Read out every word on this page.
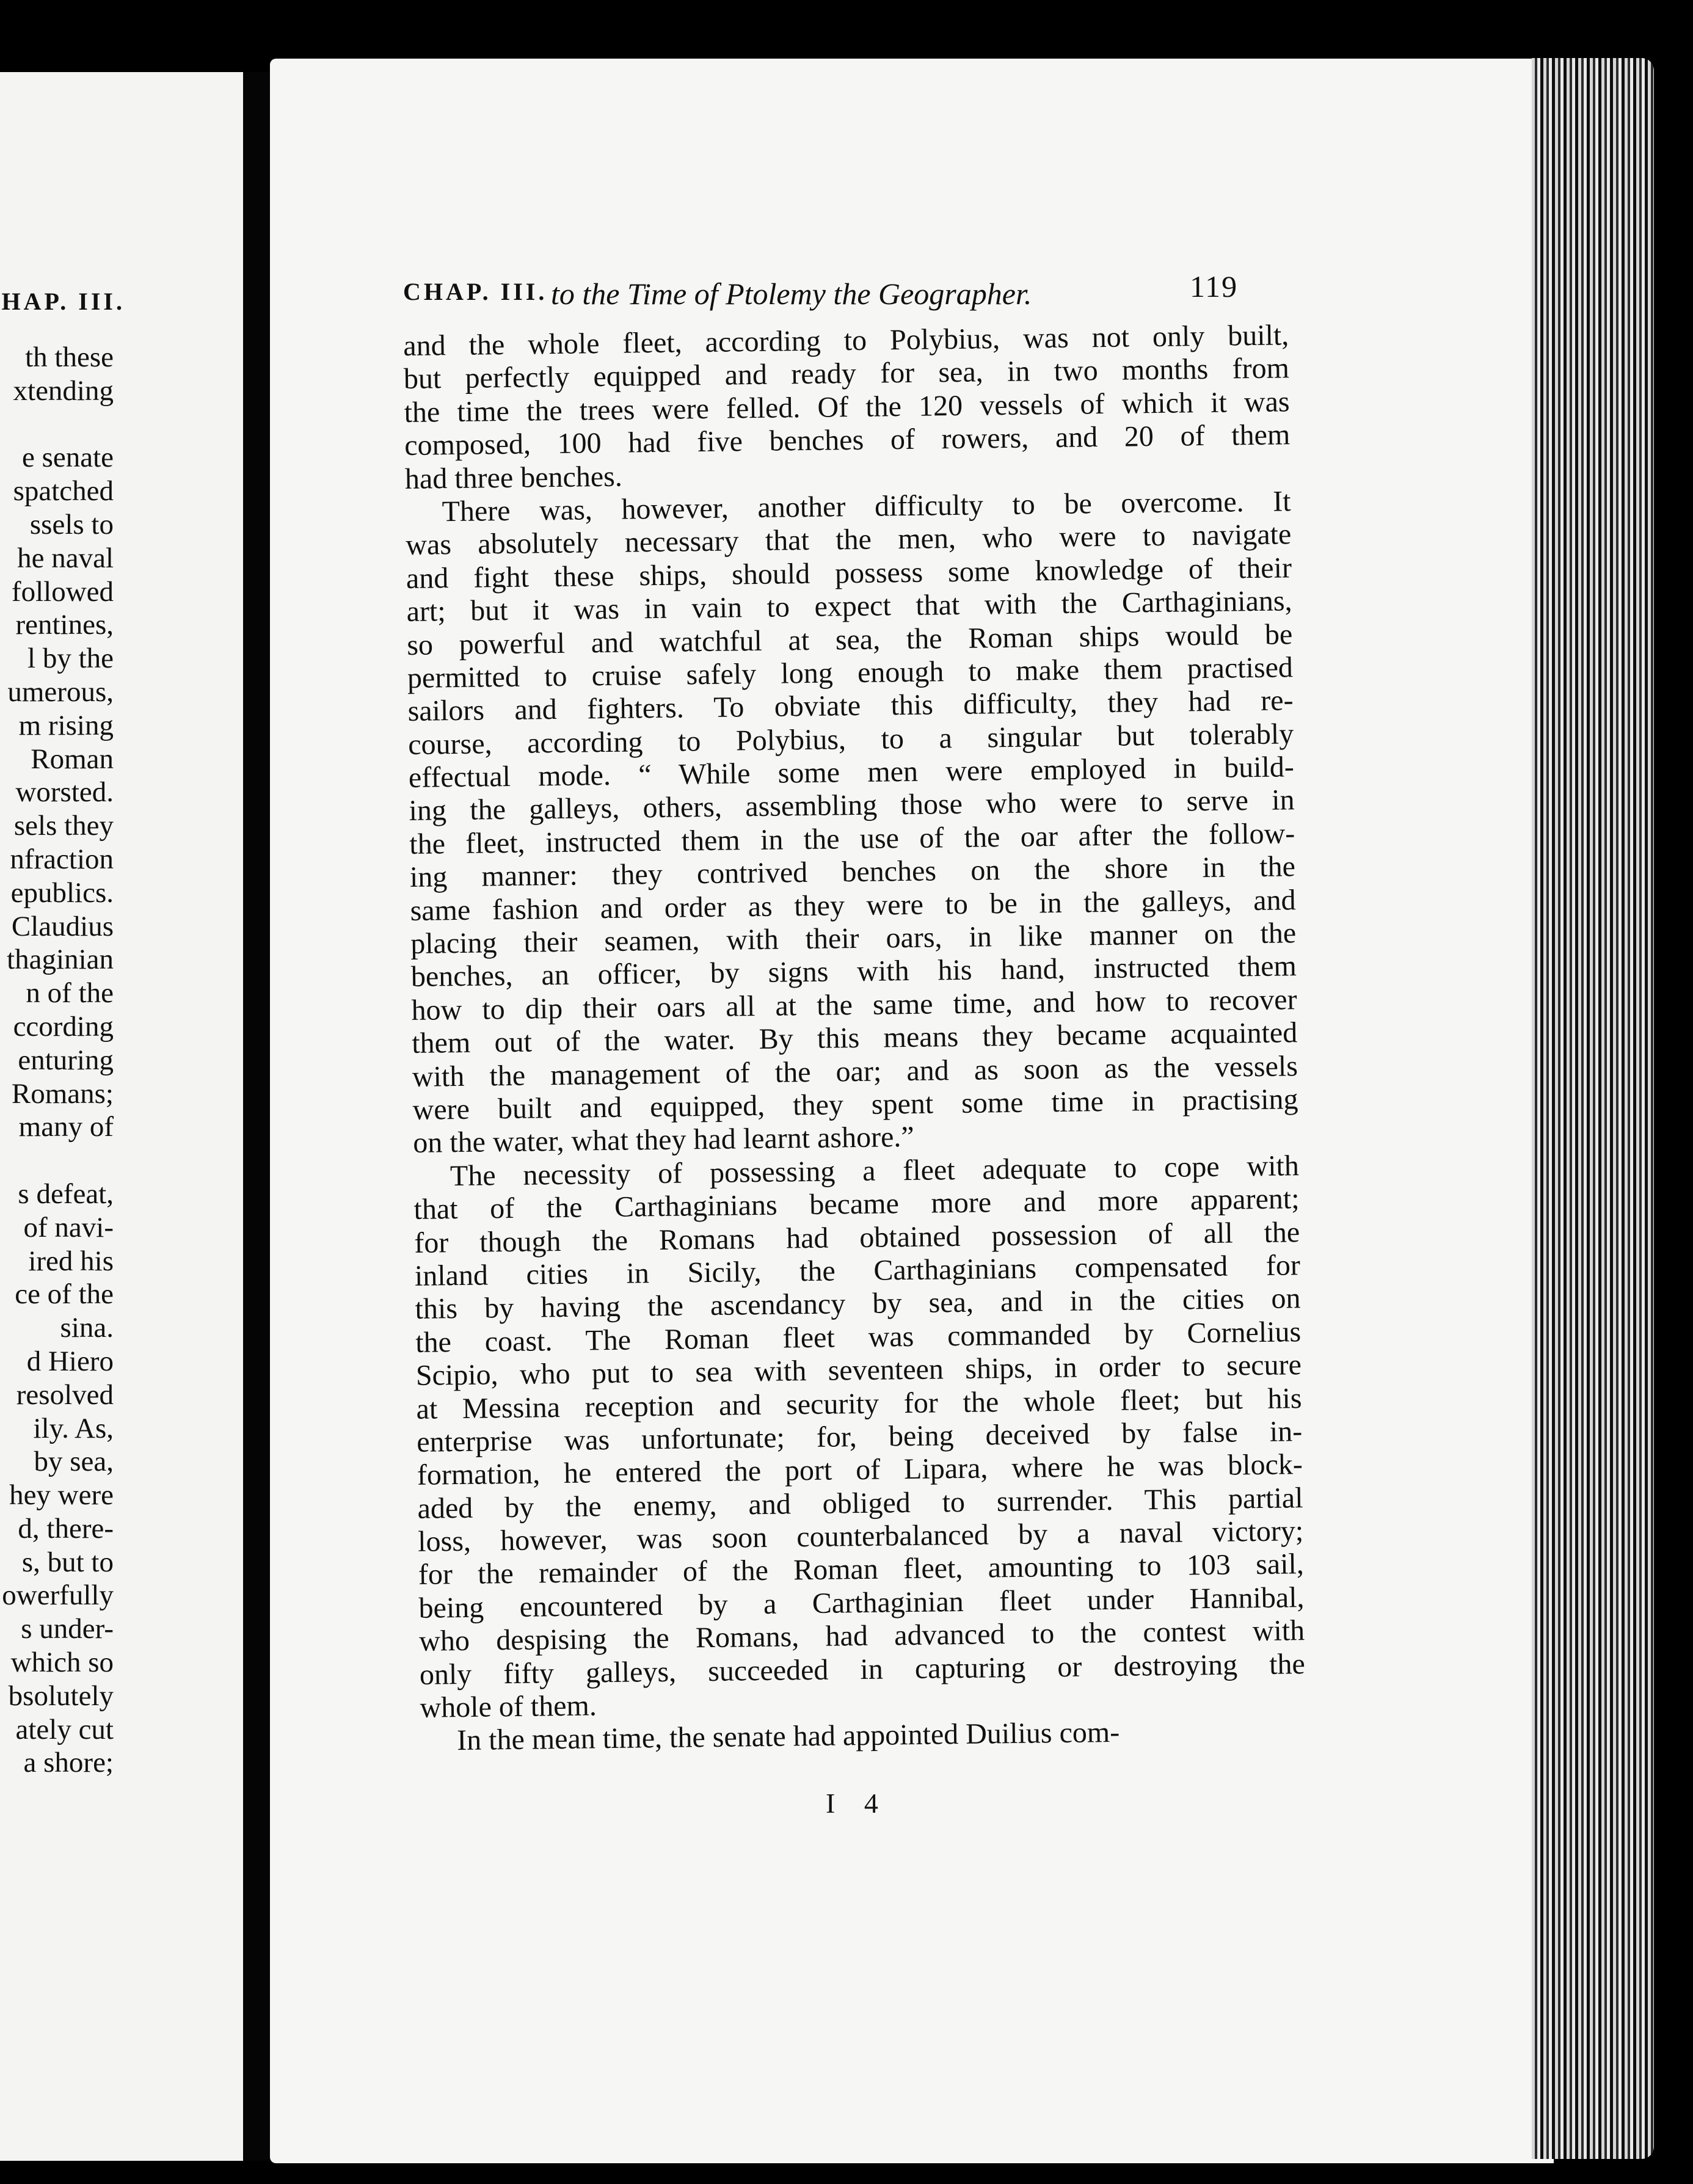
HAP. III.
th these
xtending

e senate
spatched
ssels to
he naval
followed
rentines,
l by the
umerous,
m rising
Roman
worsted.
sels they
nfraction
epublics.
Claudius
thaginian
n of the
ccording
enturing
Romans;
many of

s defeat,
of navi-
ired his
ce of the
sina.
d Hiero
resolved
ily. As,
by sea,
hey were
d, there-
s, but to
owerfully
s under-
which so
bsolutely
ately cut
a shore;
CHAP. III. to the Time of Ptolemy the Geographer.	119
and the whole fleet, according to Polybius, was not only built,
but perfectly equipped and ready for sea, in two months from
the time the trees were felled. Of the 120 vessels of which it was
composed, 100 had five benches of rowers, and 20 of them
had three benches.
There was, however, another difficulty to be overcome. It
was absolutely necessary that the men, who were to navigate
and fight these ships, should possess some knowledge of their
art; but it was in vain to expect that with the Carthaginians,
so powerful and watchful at sea, the Roman ships would be
permitted to cruise safely long enough to make them practised
sailors and fighters. To obviate this difficulty, they had re-
course, according to Polybius, to a singular but tolerably
effectual mode. “ While some men were employed in build-
ing the galleys, others, assembling those who were to serve in
the fleet, instructed them in the use of the oar after the follow-
ing manner: they contrived benches on the shore in the
same fashion and order as they were to be in the galleys, and
placing their seamen, with their oars, in like manner on the
benches, an officer, by signs with his hand, instructed them
how to dip their oars all at the same time, and how to recover
them out of the water. By this means they became acquainted
with the management of the oar; and as soon as the vessels
were built and equipped, they spent some time in practising
on the water, what they had learnt ashore.”
The necessity of possessing a fleet adequate to cope with
that of the Carthaginians became more and more apparent;
for though the Romans had obtained possession of all the
inland cities in Sicily, the Carthaginians compensated for
this by having the ascendancy by sea, and in the cities on
the coast. The Roman fleet was commanded by Cornelius
Scipio, who put to sea with seventeen ships, in order to secure
at Messina reception and security for the whole fleet; but his
enterprise was unfortunate; for, being deceived by false in-
formation, he entered the port of Lipara, where he was block-
aded by the enemy, and obliged to surrender. This partial
loss, however, was soon counterbalanced by a naval victory;
for the remainder of the Roman fleet, amounting to 103 sail,
being encountered by a Carthaginian fleet under Hannibal,
who despising the Romans, had advanced to the contest with
only fifty galleys, succeeded in capturing or destroying the
whole of them.
In the mean time, the senate had appointed Duilius com-
I 4
